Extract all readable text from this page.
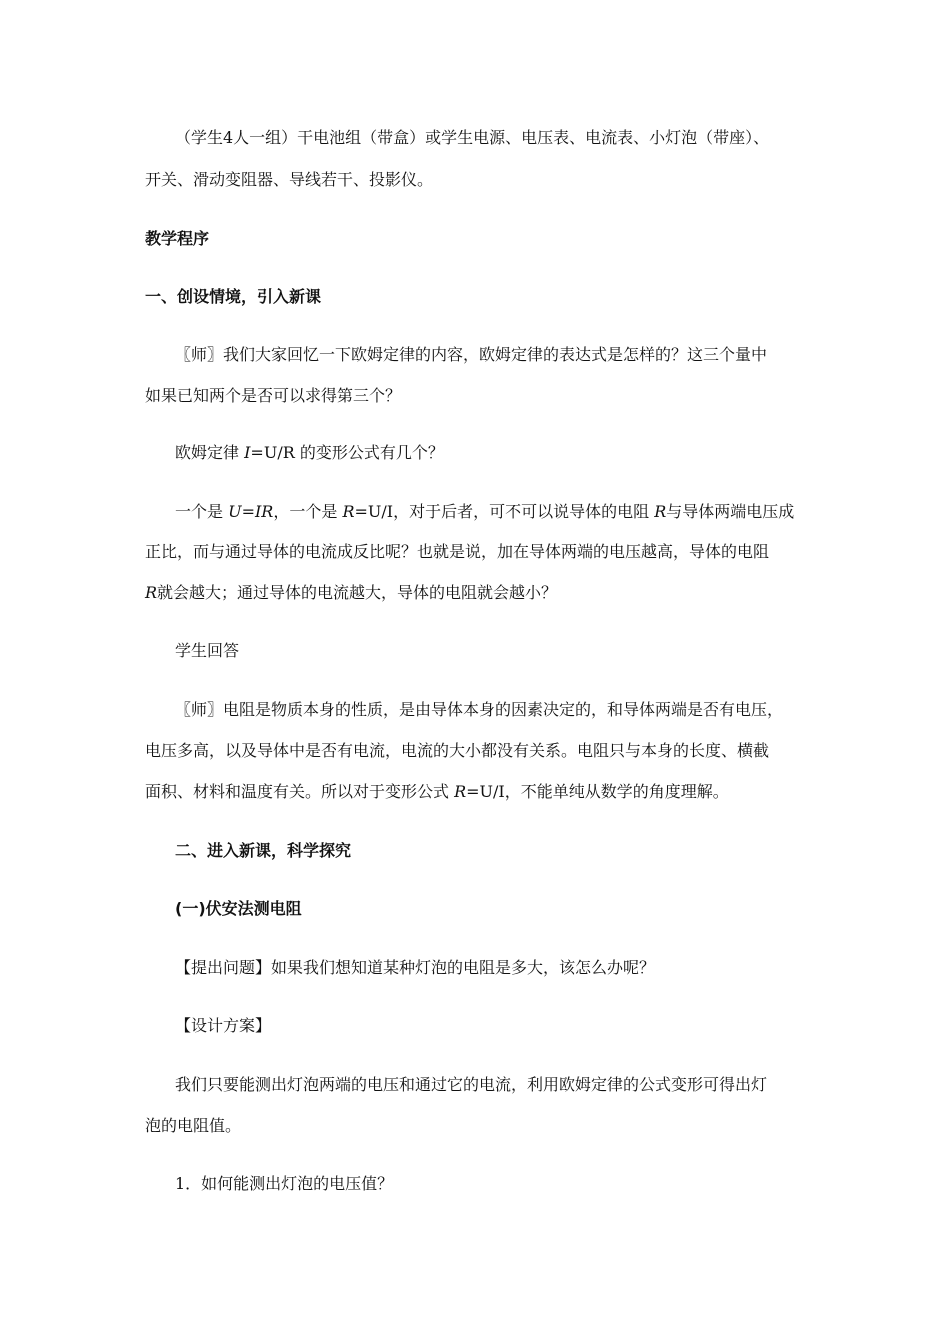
（学生4人一组）干电池组（带盒）或学生电源、电压表、电流表、小灯泡（带座）、
开关、滑动变阻器、导线若干、投影仪。
教学程序
一、创设情境，引入新课
〖师〗我们大家回忆一下欧姆定律的内容，欧姆定律的表达式是怎样的？这三个量中
如果已知两个是否可以求得第三个？
欧姆定律 I=U/R 的变形公式有几个？
一个是 U=IR，一个是 R=U/I，对于后者，可不可以说导体的电阻 R与导体两端电压成
正比，而与通过导体的电流成反比呢？也就是说，加在导体两端的电压越高，导体的电阻
R就会越大；通过导体的电流越大，导体的电阻就会越小？
学生回答
〖师〗电阻是物质本身的性质，是由导体本身的因素决定的，和导体两端是否有电压，
电压多高，以及导体中是否有电流，电流的大小都没有关系。电阻只与本身的长度、横截
面积、材料和温度有关。所以对于变形公式 R=U/I，不能单纯从数学的角度理解。
二、进入新课，科学探究
(一)伏安法测电阻
【提出问题】如果我们想知道某种灯泡的电阻是多大，该怎么办呢？
【设计方案】
我们只要能测出灯泡两端的电压和通过它的电流，利用欧姆定律的公式变形可得出灯
泡的电阻值。
1．如何能测出灯泡的电压值？
